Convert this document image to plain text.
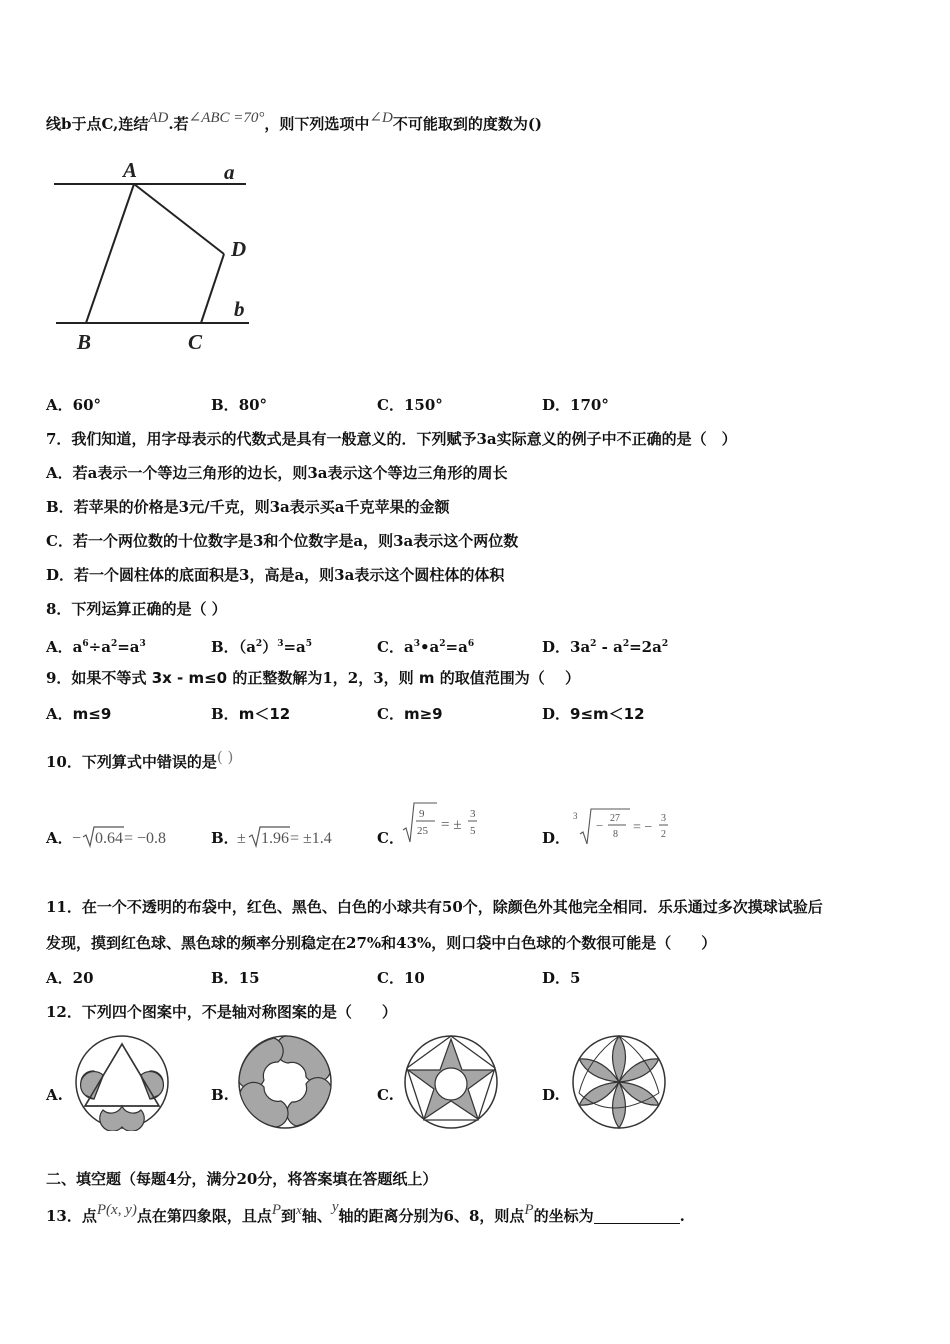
线b于点C,连结AD.若∠ABC =70°，则下列选项中∠D不可能取到的度数为()
A	a
D
b
B	C
A．60°	B．80°	C．150°	D．170°
7．我们知道，用字母表示的代数式是具有一般意义的．下列赋予3a实际意义的例子中不正确的是（　）
A．若a表示一个等边三角形的边长，则3a表示这个等边三角形的周长
B．若苹果的价格是3元/千克，则3a表示买a千克苹果的金额
C．若一个两位数的十位数字是3和个位数字是a，则3a表示这个两位数
D．若一个圆柱体的底面积是3，高是a，则3a表示这个圆柱体的体积
8．下列运算正确的是（ ）
A．$a^6\div a^2=a^3$	B．$(a^2)^3=a^5$	C．$a^3•a^2=a^6$	D．$3a^2 - a^2=2a^2$
9．如果不等式 3x - m≤0 的正整数解为1，2，3，则 m 的取值范围为（　 ）
A．m≤9	B．m＜12	C．m≥9	D．9≤m＜12
10．下列算式中错误的是( )
A． − 0.64 = −0.8	B．
± 1.96 = ±1.4	C．
9
25 = ±
3
5	D．
3
− 27
8 = −
3
2
11．在一个不透明的布袋中，红色、黑色、白色的小球共有50个，除颜色外其他完全相同．乐乐通过多次摸球试验后
发现，摸到红色球、黑色球的频率分别稳定在27%和43%，则口袋中白色球的个数很可能是（　　）
A．20	B．15	C．10	D．5
12．下列四个图案中，不是轴对称图案的是（　　）
A.	B.	C.	D.
二、填空题（每题4分，满分20分，将答案填在答题纸上）
13．点P(x, y)点在第四象限，且点P到x轴、y轴的距离分别为6、8，则点P的坐标为	.
